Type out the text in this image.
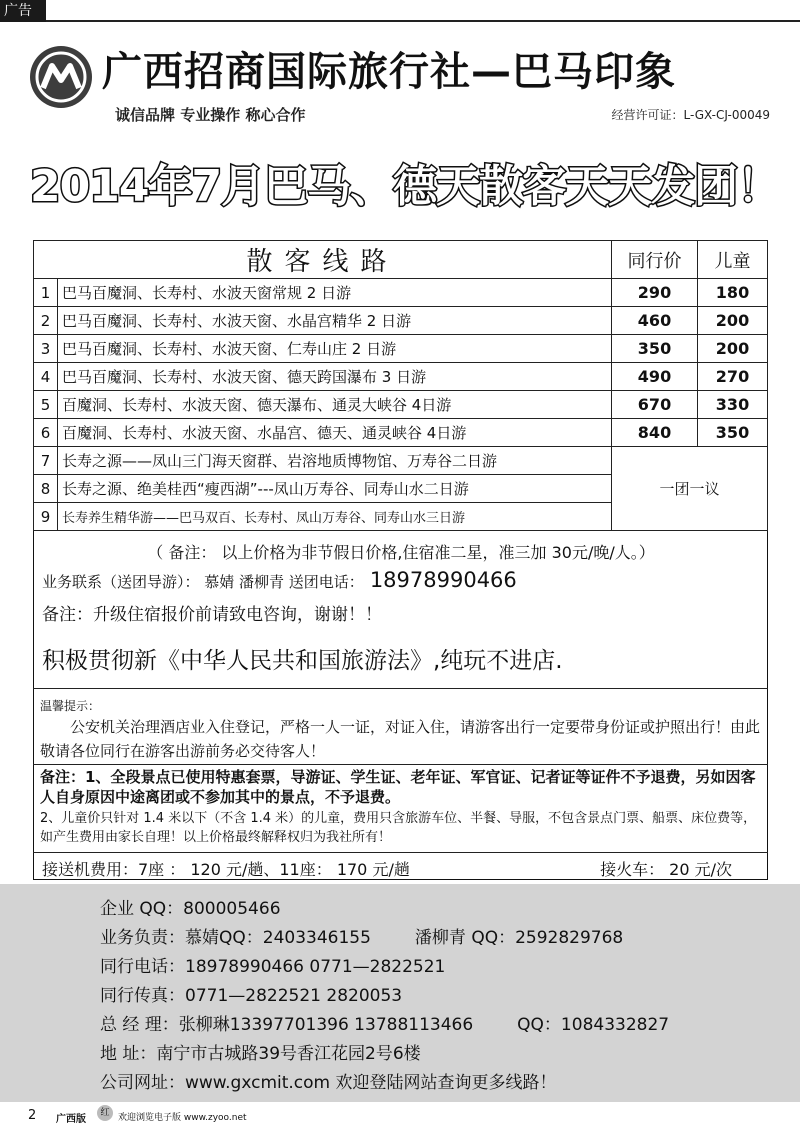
广告
广西招商国际旅行社—巴马印象
诚信品牌 专业操作 称心合作	经营许可证：L-GX-CJ-00049
2014年7月巴马、德天散客天天发团！
散客线路		同行价	儿童
1	巴马百魔洞、长寿村、水波天窗常规 2 日游	290	180
2	巴马百魔洞、长寿村、水波天窗、水晶宫精华 2 日游	460	200
3	巴马百魔洞、长寿村、水波天窗、仁寿山庄 2 日游	350	200
4	巴马百魔洞、长寿村、水波天窗、德天跨国瀑布 3 日游	490	270
5	百魔洞、长寿村、水波天窗、德天瀑布、通灵大峡谷 4日游	670	330
6	百魔洞、长寿村、水波天窗、水晶宫、德天、通灵峡谷 4日游	840	350
7	长寿之源——凤山三门海天窗群、岩溶地质博物馆、万寿谷二日游	一团一议	
8	长寿之源、绝美桂西“瘦西湖”---凤山万寿谷、同寿山水二日游		
9	长寿养生精华游——巴马双百、长寿村、凤山万寿谷、同寿山水三日游		
（ 备注： 以上价格为非节假日价格,住宿准二星，准三加 30元/晚/人。）
业务联系（送团导游）： 慕婧 潘柳青 送团电话： 18978990466
备注：升级住宿报价前请致电咨询，谢谢！！
积极贯彻新《中华人民共和国旅游法》,纯玩不进店.
温馨提示：
公安机关治理酒店业入住登记，严格一人一证，对证入住，请游客出行一定要带身份证或护照出行！由此敬请各位同行在游客出游前务必交待客人！
备注：1、全段景点已使用特惠套票，导游证、学生证、老年证、军官证、记者证等证件不予退费，另如因客人自身原因中途离团或不参加其中的景点，不予退费。
2、儿童价只针对 1.4 米以下（不含 1.4 米）的儿童，费用只含旅游车位、半餐、导服，不包含景点门票、船票、床位费等，如产生费用由家长自理！以上价格最终解释权归为我社所有！
接送机费用：7座 ： 120 元/趟、11座： 170 元/趟	接火车： 20 元/次
企业 QQ：800005466
业务负责：慕婧QQ：2403346155	潘柳青 QQ：2592829768
同行电话：18978990466 0771—2822521
同行传真：0771—2822521 2820053
总 经 理：张柳琳13397701396 13788113466	QQ：1084332827
地 址：南宁市古城路39号香江花园2号6楼
公司网址：www.gxcmit.com 欢迎登陆网站查询更多线路！
2 广西版
红 欢迎浏览电子版 www.zyoo.net
